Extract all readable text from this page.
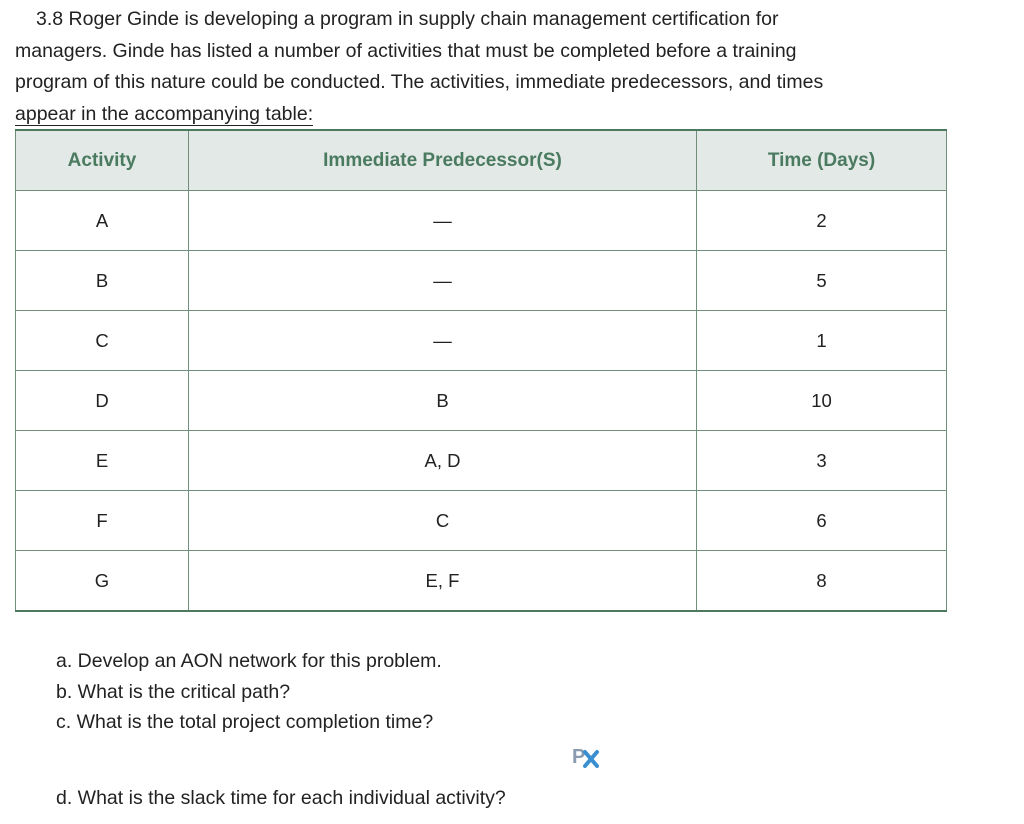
3.8 Roger Ginde is developing a program in supply chain management certification for

managers. Ginde has listed a number of activities that must be completed before a training
program of this nature could be conducted. The activities, immediate predecessors, and times
appear in the accompanying table:
Activity	Immediate Predecessor(S)	Time (Days)
A	—	2
B	—	5
C	—	1
D	B	10
E	A, D	3
F	C	6
G	E, F	8
a. Develop an AON network for this problem.
b. What is the critical path?
c. What is the total project completion time?
P
d. What is the slack time for each individual activity?
